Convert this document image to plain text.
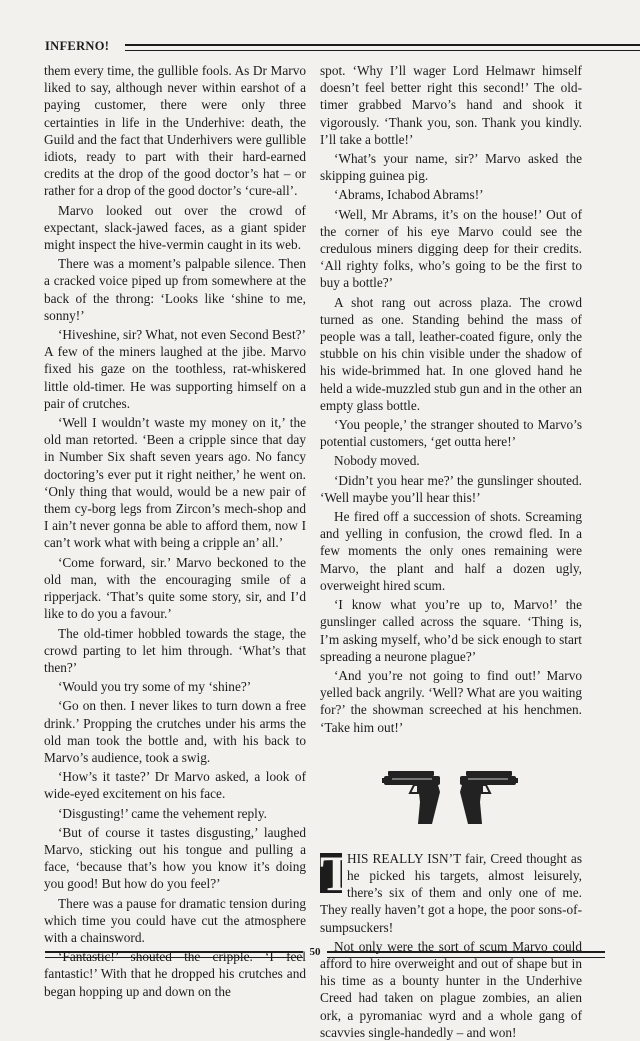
INFERNO!

them every time, the gullible fools. As Dr Marvo liked to say, although never within earshot of a paying customer, there were only three certainties in life in the Underhive: death, the Guild and the fact that Underhivers were gullible idiots, ready to part with their hard-earned credits at the drop of the good doctor’s hat – or rather for a drop of the good doctor’s ‘cure-all’.

Marvo looked out over the crowd of expectant, slack-jawed faces, as a giant spider might inspect the hive-vermin caught in its web.

There was a moment’s palpable silence. Then a cracked voice piped up from somewhere at the back of the throng: ‘Looks like ‘shine to me, sonny!’

‘Hiveshine, sir? What, not even Second Best?’ A few of the miners laughed at the jibe. Marvo fixed his gaze on the toothless, rat-whiskered little old-timer. He was supporting himself on a pair of crutches.

‘Well I wouldn’t waste my money on it,’ the old man retorted. ‘Been a cripple since that day in Number Six shaft seven years ago. No fancy doctoring’s ever put it right neither,’ he went on. ‘Only thing that would, would be a new pair of them cy-borg legs from Zircon’s mech-shop and I ain’t never gonna be able to afford them, now I can’t work what with being a cripple an’ all.’

‘Come forward, sir.’ Marvo beckoned to the old man, with the encouraging smile of a ripperjack. ‘That’s quite some story, sir, and I’d like to do you a favour.’

The old-timer hobbled towards the stage, the crowd parting to let him through. ‘What’s that then?’

‘Would you try some of my ‘shine?’

‘Go on then. I never likes to turn down a free drink.’ Propping the crutches under his arms the old man took the bottle and, with his back to Marvo’s audience, took a swig.

‘How’s it taste?’ Dr Marvo asked, a look of wide-eyed excitement on his face.

‘Disgusting!’ came the vehement reply.

‘But of course it tastes disgusting,’ laughed Marvo, sticking out his tongue and pulling a face, ‘because that’s how you know it’s doing you good! But how do you feel?’

There was a pause for dramatic tension during which time you could have cut the atmosphere with a chainsword.

‘Fantastic!’ shouted the cripple. ‘I feel fantastic!’ With that he dropped his crutches and began hopping up and down on the

spot. ‘Why I’ll wager Lord Helmawr himself doesn’t feel better right this second!’ The old-timer grabbed Marvo’s hand and shook it vigorously. ‘Thank you, son. Thank you kindly. I’ll take a bottle!’

‘What’s your name, sir?’ Marvo asked the skipping guinea pig.

‘Abrams, Ichabod Abrams!’

‘Well, Mr Abrams, it’s on the house!’ Out of the corner of his eye Marvo could see the credulous miners digging deep for their credits. ‘All righty folks, who’s going to be the first to buy a bottle?’

A shot rang out across plaza. The crowd turned as one. Standing behind the mass of people was a tall, leather-coated figure, only the stubble on his chin visible under the shadow of his wide-brimmed hat. In one gloved hand he held a wide-muzzled stub gun and in the other an empty glass bottle.

‘You people,’ the stranger shouted to Marvo’s potential customers, ‘get outta here!’

Nobody moved.

‘Didn’t you hear me?’ the gunslinger shouted. ‘Well maybe you’ll hear this!’

He fired off a succession of shots. Screaming and yelling in confusion, the crowd fled. In a few moments the only ones remaining were Marvo, the plant and half a dozen ugly, overweight hired scum.

‘I know what you’re up to, Marvo!’ the gunslinger called across the square. ‘Thing is, I’m asking myself, who’d be sick enough to start spreading a neurone plague?’

‘And you’re not going to find out!’ Marvo yelled back angrily. ‘Well? What are you waiting for?’ the showman screeched at his henchmen. ‘Take him out!’

T
HIS REALLY ISN’T fair, Creed thought as he picked his targets, almost leisurely, there’s six of them and only one of me. They really haven’t got a hope, the poor sons-of-sumpsuckers!

Not only were the sort of scum Marvo could afford to hire overweight and out of shape but in his time as a bounty hunter in the Underhive Creed had taken on plague zombies, an alien ork, a pyromaniac wyrd and a whole gang of scavvies single-handedly – and won!

50
